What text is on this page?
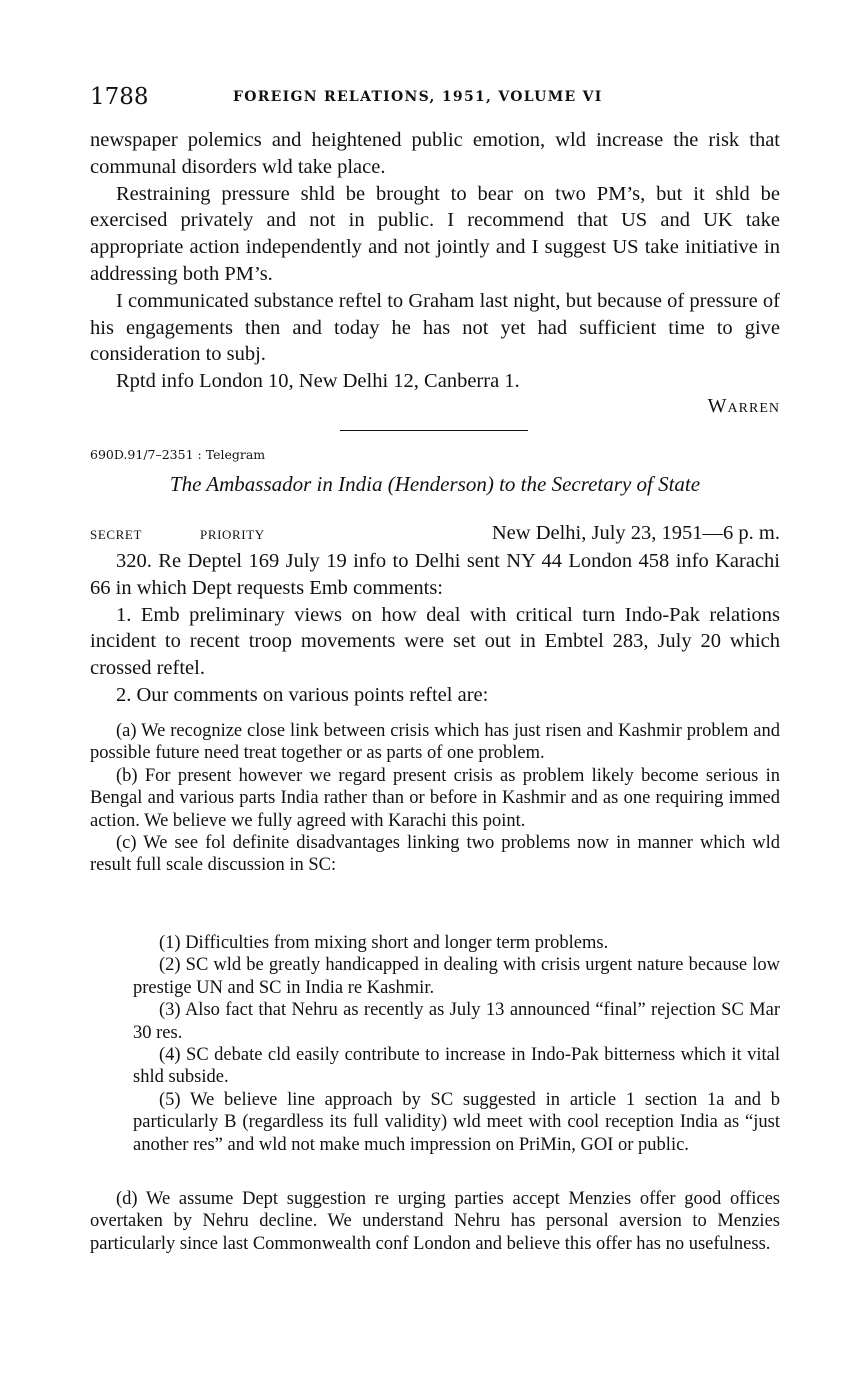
1788	FOREIGN RELATIONS, 1951, VOLUME VI

newspaper polemics and heightened public emotion, wld increase the risk that communal disorders wld take place.

Restraining pressure shld be brought to bear on two PM’s, but it shld be exercised privately and not in public. I recommend that US and UK take appropriate action independently and not jointly and I suggest US take initiative in addressing both PM’s.

I communicated substance reftel to Graham last night, but because of pressure of his engagements then and today he has not yet had sufficient time to give consideration to subj.

Rptd info London 10, New Delhi 12, Canberra 1.

Warren
690D.91/7–2351 : Telegram
The Ambassador in India (Henderson) to the Secretary of State
SECRET	PRIORITY	New Delhi, July 23, 1951—6 p. m.

320. Re Deptel 169 July 19 info to Delhi sent NY 44 London 458 info Karachi 66 in which Dept requests Emb comments:

1. Emb preliminary views on how deal with critical turn Indo-Pak relations incident to recent troop movements were set out in Embtel 283, July 20 which crossed reftel.

2. Our comments on various points reftel are:

(a) We recognize close link between crisis which has just risen and Kashmir problem and possible future need treat together or as parts of one problem.

(b) For present however we regard present crisis as problem likely become serious in Bengal and various parts India rather than or before in Kashmir and as one requiring immed action. We believe we fully agreed with Karachi this point.

(c) We see fol definite disadvantages linking two problems now in manner which wld result full scale discussion in SC:

(1) Difficulties from mixing short and longer term problems.

(2) SC wld be greatly handicapped in dealing with crisis urgent nature because low prestige UN and SC in India re Kashmir.

(3) Also fact that Nehru as recently as July 13 announced “final” rejection SC Mar 30 res.

(4) SC debate cld easily contribute to increase in Indo-Pak bitterness which it vital shld subside.

(5) We believe line approach by SC suggested in article 1 section 1a and b particularly B (regardless its full validity) wld meet with cool reception India as “just another res” and wld not make much impression on PriMin, GOI or public.

(d) We assume Dept suggestion re urging parties accept Menzies offer good offices overtaken by Nehru decline. We understand Nehru has personal aversion to Menzies particularly since last Commonwealth conf London and believe this offer has no usefulness.
